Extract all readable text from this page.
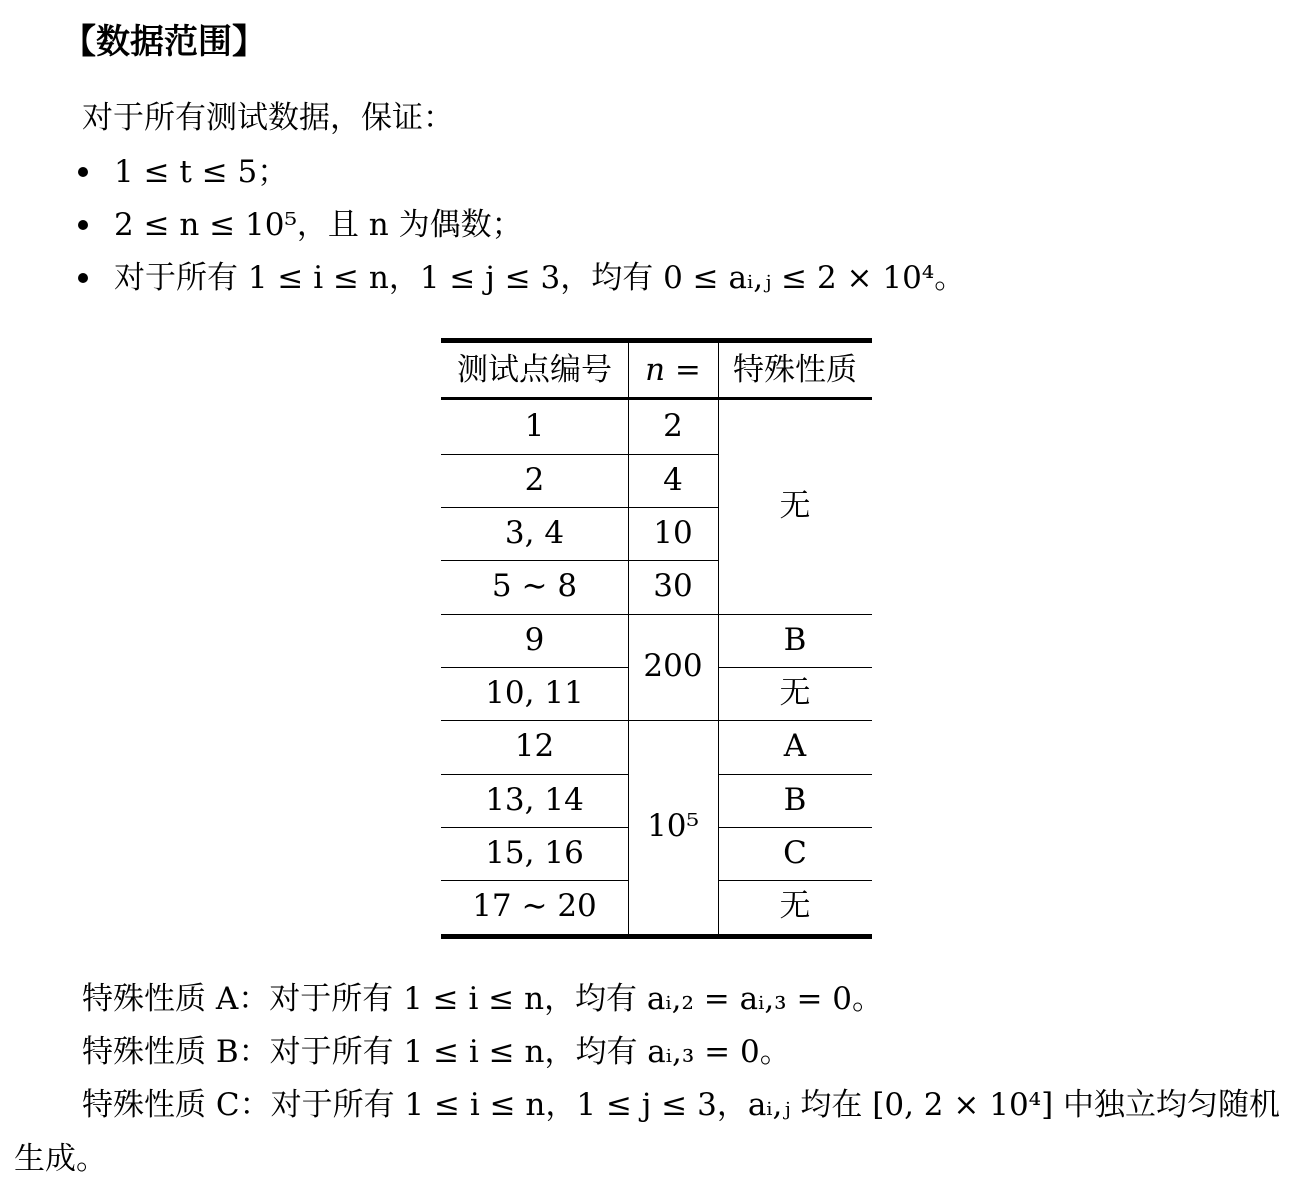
【数据范围】
对于所有测试数据，保证：
1 ≤ t ≤ 5；
2 ≤ n ≤ 10⁵，且 n 为偶数；
对于所有 1 ≤ i ≤ n，1 ≤ j ≤ 3，均有 0 ≤ aᵢ,ⱼ ≤ 2 × 10⁴。
测试点编号	n =	特殊性质
1
2
3, 4
5 ∼ 8
9
10, 11
12
13, 14
15, 16
17 ∼ 20
2
4
10
30
200
10⁵
无
B
无
A
B
C
无
特殊性质 A：对于所有 1 ≤ i ≤ n，均有 aᵢ,₂ = aᵢ,₃ = 0。
特殊性质 B：对于所有 1 ≤ i ≤ n，均有 aᵢ,₃ = 0。
特殊性质 C：对于所有 1 ≤ i ≤ n，1 ≤ j ≤ 3，aᵢ,ⱼ 均在 [0, 2 × 10⁴] 中独立均匀随机
生成。
